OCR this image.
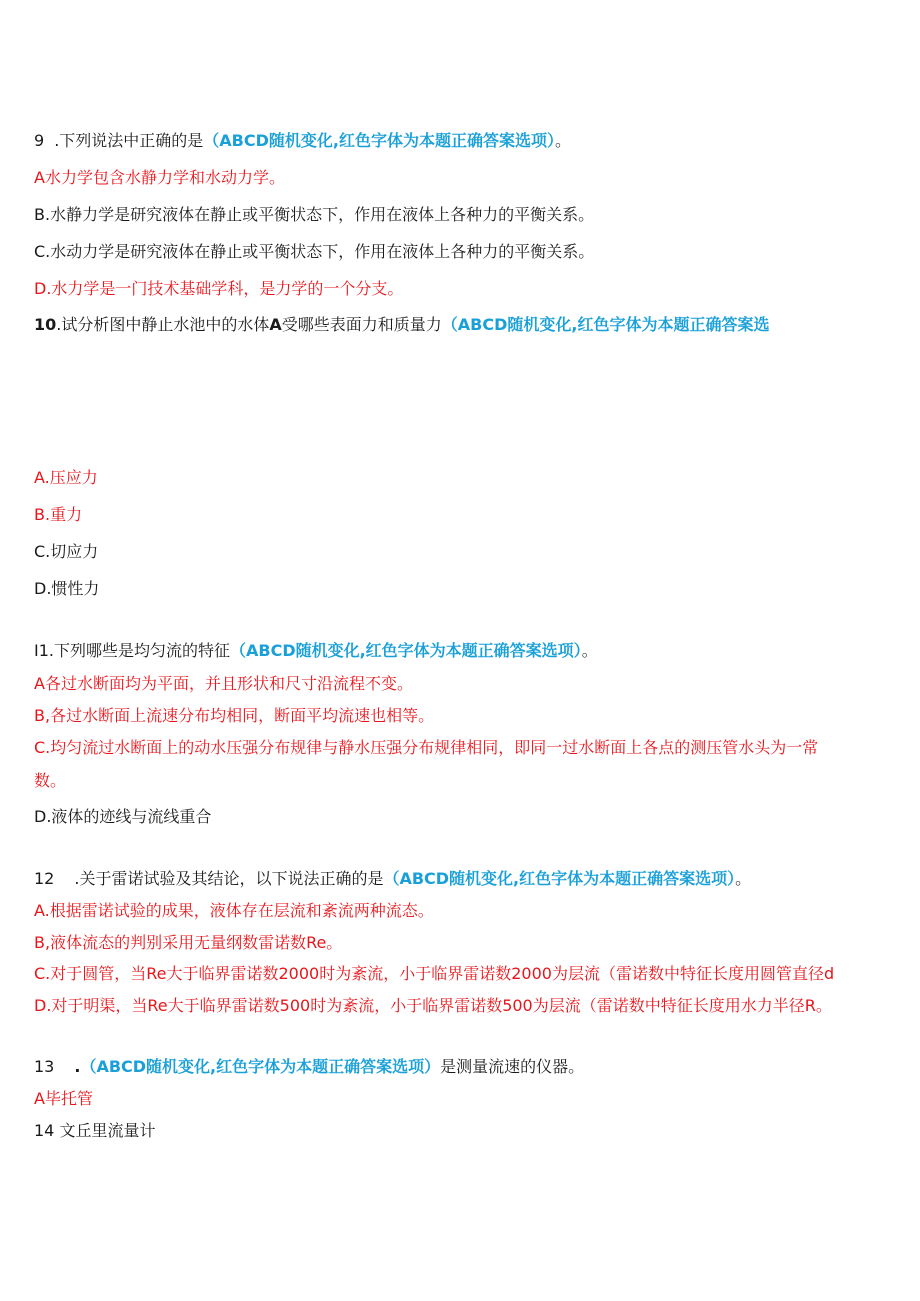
9 .下列说法中正确的是（ABCD随机变化,红色字体为本题正确答案选项）。
A水力学包含水静力学和水动力学。
B.水静力学是研究液体在静止或平衡状态下，作用在液体上各种力的平衡关系。
C.水动力学是研究液体在静止或平衡状态下，作用在液体上各种力的平衡关系。
D.水力学是一门技术基础学科，是力学的一个分支。
10.试分析图中静止水池中的水体A受哪些表面力和质量力（ABCD随机变化,红色字体为本题正确答案选
A.压应力
B.重力
C.切应力
D.惯性力
I1.下列哪些是均匀流的特征（ABCD随机变化,红色字体为本题正确答案选项）。
A各过水断面均为平面，并且形状和尺寸沿流程不变。
B,各过水断面上流速分布均相同，断面平均流速也相等。
C.均匀流过水断面上的动水压强分布规律与静水压强分布规律相同，即同一过水断面上各点的测压管水头为一常
数。
D.液体的迹线与流线重合
12 .关于雷诺试验及其结论，以下说法正确的是（ABCD随机变化,红色字体为本题正确答案选项）。
A.根据雷诺试验的成果，液体存在层流和紊流两种流态。
B,液体流态的判别采用无量纲数雷诺数Re。
C.对于圆管，当Re大于临界雷诺数2000时为紊流，小于临界雷诺数2000为层流（雷诺数中特征长度用圆管直径d
D.对于明渠，当Re大于临界雷诺数500时为紊流，小于临界雷诺数500为层流（雷诺数中特征长度用水力半径R。
13 .（ABCD随机变化,红色字体为本题正确答案选项）是测量流速的仪器。
A毕托管
14 文丘里流量计
